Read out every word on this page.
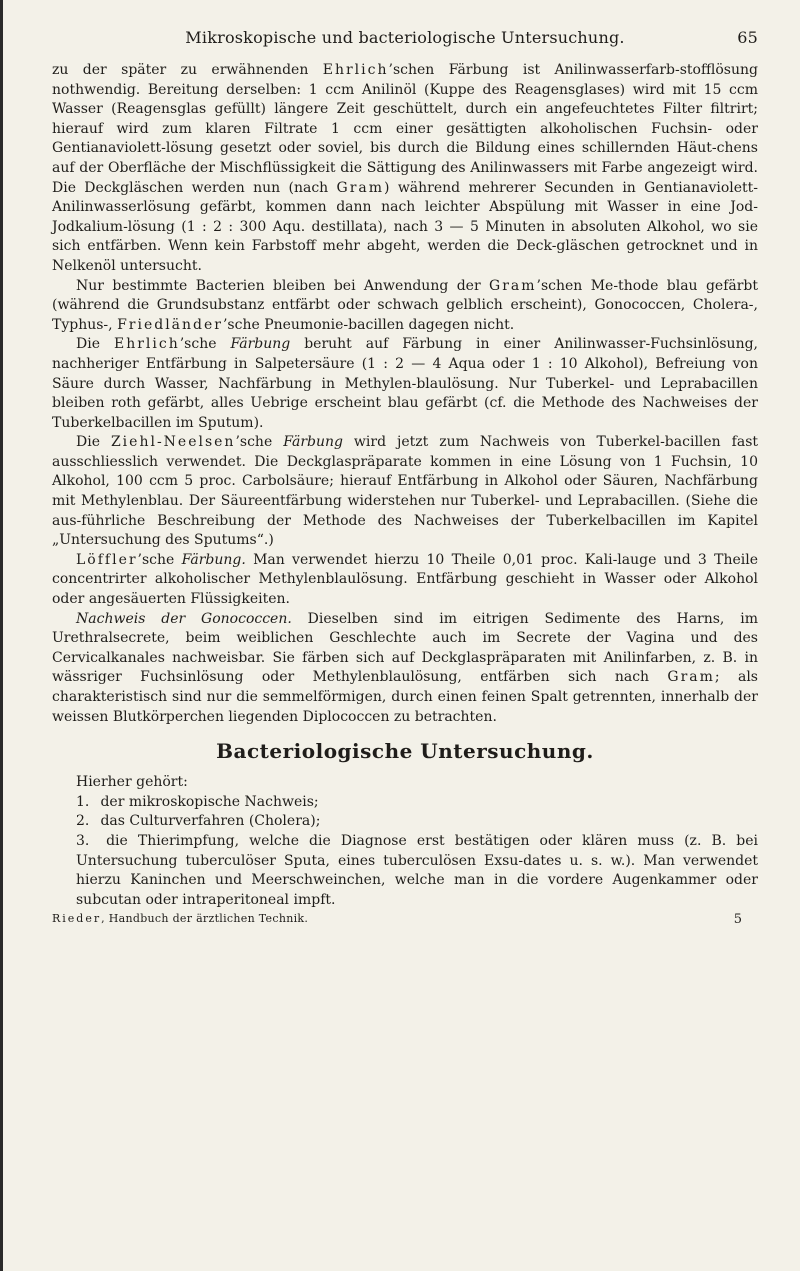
Mikroskopische und bacteriologische Untersuchung.	65

zu der später zu erwähnenden Ehrlich’schen Färbung ist Anilinwasserfarb-stofflösung nothwendig. Bereitung derselben: 1 ccm Anilinöl (Kuppe des Reagensglases) wird mit 15 ccm Wasser (Reagensglas gefüllt) längere Zeit geschüttelt, durch ein angefeuchtetes Filter filtrirt; hierauf wird zum klaren Filtrate 1 ccm einer gesättigten alkoholischen Fuchsin- oder Gentianaviolett-lösung gesetzt oder soviel, bis durch die Bildung eines schillernden Häut-chens auf der Oberfläche der Mischflüssigkeit die Sättigung des Anilinwassers mit Farbe angezeigt wird. Die Deckgläschen werden nun (nach Gram) während mehrerer Secunden in Gentianaviolett-Anilinwasserlösung gefärbt, kommen dann nach leichter Abspülung mit Wasser in eine Jod-Jodkalium-lösung (1 : 2 : 300 Aqu. destillata), nach 3 — 5 Minuten in absoluten Alkohol, wo sie sich entfärben. Wenn kein Farbstoff mehr abgeht, werden die Deck-gläschen getrocknet und in Nelkenöl untersucht.

Nur bestimmte Bacterien bleiben bei Anwendung der Gram’schen Me-thode blau gefärbt (während die Grundsubstanz entfärbt oder schwach gelblich erscheint), Gonococcen, Cholera-, Typhus-, Friedländer’sche Pneumonie-bacillen dagegen nicht.

Die Ehrlich’sche Färbung beruht auf Färbung in einer Anilinwasser-Fuchsinlösung, nachheriger Entfärbung in Salpetersäure (1 : 2 — 4 Aqua oder 1 : 10 Alkohol), Befreiung von Säure durch Wasser, Nachfärbung in Methylen-blaulösung. Nur Tuberkel- und Leprabacillen bleiben roth gefärbt, alles Uebrige erscheint blau gefärbt (cf. die Methode des Nachweises der Tuberkelbacillen im Sputum).

Die Ziehl-Neelsen’sche Färbung wird jetzt zum Nachweis von Tuberkel-bacillen fast ausschliesslich verwendet. Die Deckglaspräparate kommen in eine Lösung von 1 Fuchsin, 10 Alkohol, 100 ccm 5 proc. Carbolsäure; hierauf Entfärbung in Alkohol oder Säuren, Nachfärbung mit Methylenblau. Der Säureentfärbung widerstehen nur Tuberkel- und Leprabacillen. (Siehe die aus-führliche Beschreibung der Methode des Nachweises der Tuberkelbacillen im Kapitel „Untersuchung des Sputums“.)

Löffler’sche Färbung. Man verwendet hierzu 10 Theile 0,01 proc. Kali-lauge und 3 Theile concentrirter alkoholischer Methylenblaulösung. Entfärbung geschieht in Wasser oder Alkohol oder angesäuerten Flüssigkeiten.

Nachweis der Gonococcen. Dieselben sind im eitrigen Sedimente des Harns, im Urethralsecrete, beim weiblichen Geschlechte auch im Secrete der Vagina und des Cervicalkanales nachweisbar. Sie färben sich auf Deckglaspräparaten mit Anilinfarben, z. B. in wässriger Fuchsinlösung oder Methylenblaulösung, entfärben sich nach Gram; als charakteristisch sind nur die semmelförmigen, durch einen feinen Spalt getrennten, innerhalb der weissen Blutkörperchen liegenden Diplococcen zu betrachten.

Bacteriologische Untersuchung.

Hierher gehört:

1. der mikroskopische Nachweis;
2. das Culturverfahren (Cholera);
3. die Thierimpfung, welche die Diagnose erst bestätigen oder klären muss (z. B. bei Untersuchung tuberculöser Sputa, eines tuberculösen Exsu-dates u. s. w.). Man verwendet hierzu Kaninchen und Meerschweinchen, welche man in die vordere Augenkammer oder subcutan oder intraperitoneal impft.
Rieder, Handbuch der ärztlichen Technik.	5
